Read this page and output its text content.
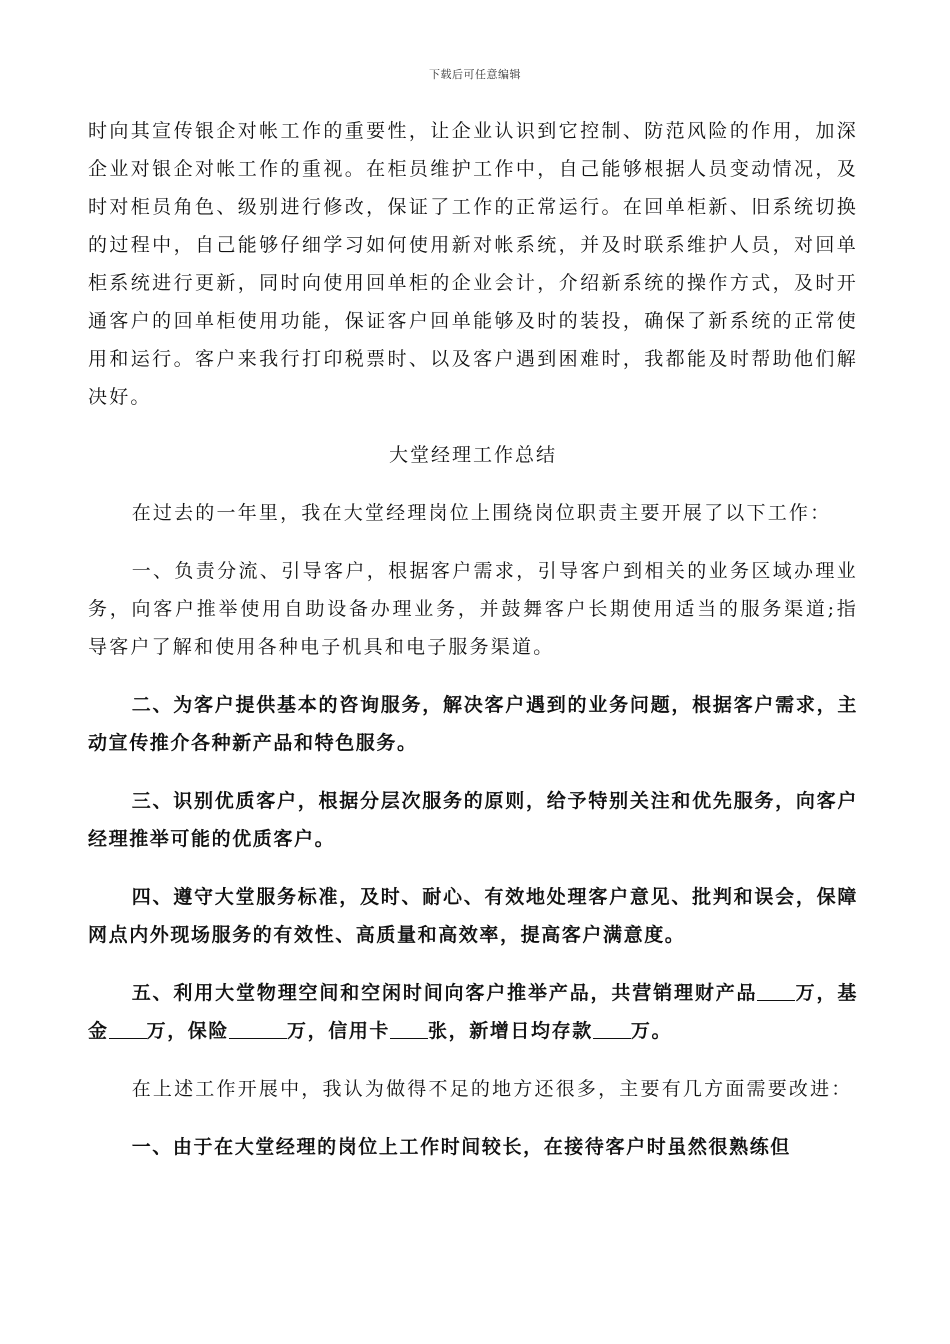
下载后可任意编辑

时向其宣传银企对帐工作的重要性，让企业认识到它控制、防范风险的作用，加深企业对银企对帐工作的重视。在柜员维护工作中，自己能够根据人员变动情况，及时对柜员角色、级别进行修改，保证了工作的正常运行。在回单柜新、旧系统切换的过程中，自己能够仔细学习如何使用新对帐系统，并及时联系维护人员，对回单柜系统进行更新，同时向使用回单柜的企业会计，介绍新系统的操作方式，及时开通客户的回单柜使用功能，保证客户回单能够及时的装投，确保了新系统的正常使用和运行。客户来我行打印税票时、以及客户遇到困难时，我都能及时帮助他们解决好。

大堂经理工作总结

在过去的一年里，我在大堂经理岗位上围绕岗位职责主要开展了以下工作：

一、负责分流、引导客户，根据客户需求，引导客户到相关的业务区域办理业务，向客户推举使用自助设备办理业务，并鼓舞客户长期使用适当的服务渠道;指导客户了解和使用各种电子机具和电子服务渠道。

二、为客户提供基本的咨询服务，解决客户遇到的业务问题，根据客户需求，主动宣传推介各种新产品和特色服务。

三、识别优质客户，根据分层次服务的原则，给予特别关注和优先服务，向客户经理推举可能的优质客户。

四、遵守大堂服务标准，及时、耐心、有效地处理客户意见、批判和误会，保障网点内外现场服务的有效性、高质量和高效率，提高客户满意度。

五、利用大堂物理空间和空闲时间向客户推举产品，共营销理财产品 万，基金 万，保险	万，信用卡 张，新增日均存款 万。

在上述工作开展中，我认为做得不足的地方还很多，主要有几方面需要改进：

一、由于在大堂经理的岗位上工作时间较长，在接待客户时虽然很熟练但
